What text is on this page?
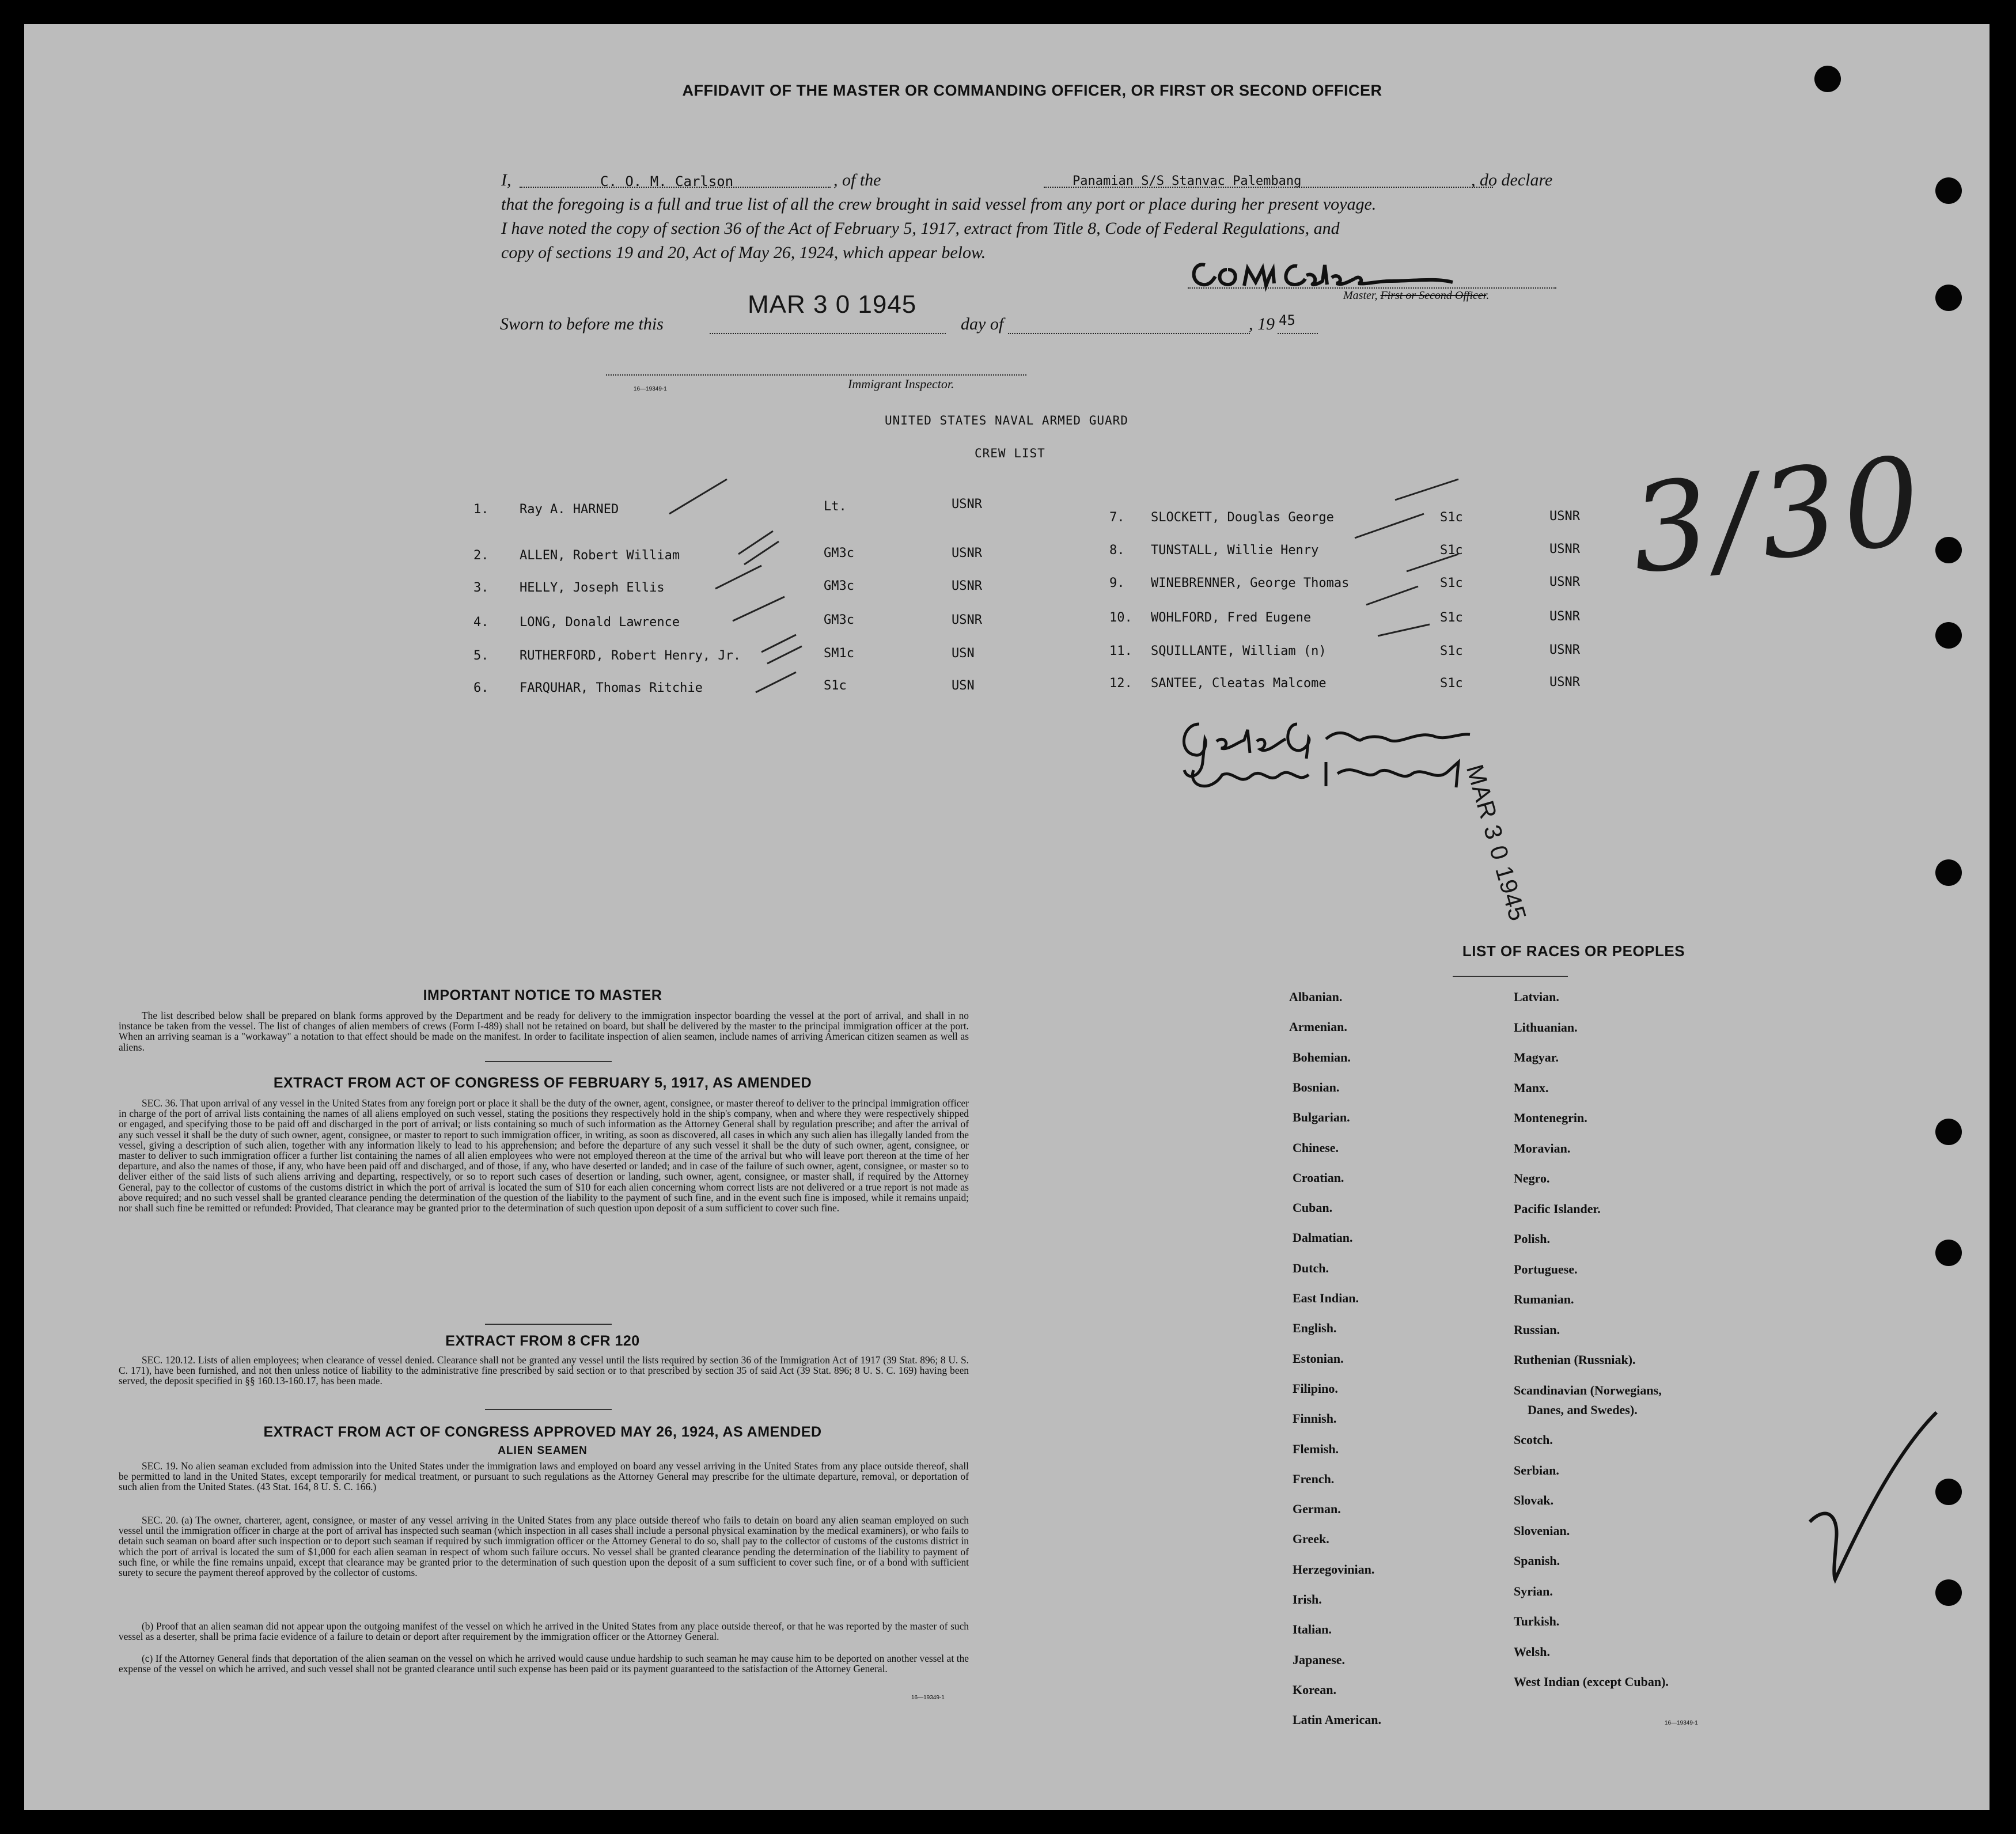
AFFIDAVIT OF THE MASTER OR COMMANDING OFFICER, OR FIRST OR SECOND OFFICER
I,	C. O. M. Carlson	, of the	Panamian S/S Stanvac Palembang	, do declare
that the foregoing is a full and true list of all the crew brought in said vessel from any port or place during her present voyage.
I have noted the copy of section 36 of the Act of February 5, 1917, extract from Title 8, Code of Federal Regulations, and
copy of sections 19 and 20, Act of May 26, 1924, which appear below.
Master, First or Second Officer.
MAR 3 0 1945
Sworn to before me this	day of	, 19 45
Immigrant Inspector.
16—19349-1
UNITED STATES NAVAL ARMED GUARD
CREW LIST
1. Ray A. HARNED	Lt.	USNR
2. ALLEN, Robert William	GM3c	USNR
3. HELLY, Joseph Ellis	GM3c	USNR
4. LONG, Donald Lawrence	GM3c	USNR
5. RUTHERFORD, Robert Henry, Jr.	SM1c	USN
6. FARQUHAR, Thomas Ritchie	S1c	USN
7. SLOCKETT, Douglas George	S1c	USNR
8. TUNSTALL, Willie Henry	S1c	USNR
9. WINEBRENNER, George Thomas	S1c	USNR
10. WOHLFORD, Fred Eugene	S1c	USNR
11. SQUILLANTE, William (n)	S1c	USNR
12. SANTEE, Cleatas Malcome	S1c	USNR
3/30
MAR 3 0 1945
IMPORTANT NOTICE TO MASTER
The list described below shall be prepared on blank forms approved by the Department and be ready for delivery to the immigration inspector boarding the vessel at the port of arrival, and shall in no instance be taken from the vessel. The list of changes of alien members of crews (Form I-489) shall not be retained on board, but shall be delivered by the master to the principal immigration officer at the port. When an arriving seaman is a "workaway" a notation to that effect should be made on the manifest. In order to facilitate inspection of alien seamen, include names of arriving American citizen seamen as well as aliens.
EXTRACT FROM ACT OF CONGRESS OF FEBRUARY 5, 1917, AS AMENDED
SEC. 36. That upon arrival of any vessel in the United States from any foreign port or place it shall be the duty of the owner, agent, consignee, or master thereof to deliver to the principal immigration officer in charge of the port of arrival lists containing the names of all aliens employed on such vessel, stating the positions they respectively hold in the ship's company, when and where they were respectively shipped or engaged, and specifying those to be paid off and discharged in the port of arrival; or lists containing so much of such information as the Attorney General shall by regulation prescribe; and after the arrival of any such vessel it shall be the duty of such owner, agent, consignee, or master to report to such immigration officer, in writing, as soon as discovered, all cases in which any such alien has illegally landed from the vessel, giving a description of such alien, together with any information likely to lead to his apprehension; and before the departure of any such vessel it shall be the duty of such owner, agent, consignee, or master to deliver to such immigration officer a further list containing the names of all alien employees who were not employed thereon at the time of the arrival but who will leave port thereon at the time of her departure, and also the names of those, if any, who have been paid off and discharged, and of those, if any, who have deserted or landed; and in case of the failure of such owner, agent, consignee, or master so to deliver either of the said lists of such aliens arriving and departing, respectively, or so to report such cases of desertion or landing, such owner, agent, consignee, or master shall, if required by the Attorney General, pay to the collector of customs of the customs district in which the port of arrival is located the sum of $10 for each alien concerning whom correct lists are not delivered or a true report is not made as above required; and no such vessel shall be granted clearance pending the determination of the question of the liability to the payment of such fine, and in the event such fine is imposed, while it remains unpaid; nor shall such fine be remitted or refunded: Provided, That clearance may be granted prior to the determination of such question upon deposit of a sum sufficient to cover such fine.
EXTRACT FROM 8 CFR 120
SEC. 120.12. Lists of alien employees; when clearance of vessel denied. Clearance shall not be granted any vessel until the lists required by section 36 of the Immigration Act of 1917 (39 Stat. 896; 8 U. S. C. 171), have been furnished, and not then unless notice of liability to the administrative fine prescribed by said section or to that prescribed by section 35 of said Act (39 Stat. 896; 8 U. S. C. 169) having been served, the deposit specified in §§ 160.13-160.17, has been made.
EXTRACT FROM ACT OF CONGRESS APPROVED MAY 26, 1924, AS AMENDED
ALIEN SEAMEN
SEC. 19. No alien seaman excluded from admission into the United States under the immigration laws and employed on board any vessel arriving in the United States from any place outside thereof, shall be permitted to land in the United States, except temporarily for medical treatment, or pursuant to such regulations as the Attorney General may prescribe for the ultimate departure, removal, or deportation of such alien from the United States. (43 Stat. 164, 8 U. S. C. 166.)
SEC. 20. (a) The owner, charterer, agent, consignee, or master of any vessel arriving in the United States from any place outside thereof who fails to detain on board any alien seaman employed on such vessel until the immigration officer in charge at the port of arrival has inspected such seaman (which inspection in all cases shall include a personal physical examination by the medical examiners), or who fails to detain such seaman on board after such inspection or to deport such seaman if required by such immigration officer or the Attorney General to do so, shall pay to the collector of customs of the customs district in which the port of arrival is located the sum of $1,000 for each alien seaman in respect of whom such failure occurs. No vessel shall be granted clearance pending the determination of the liability to payment of such fine, or while the fine remains unpaid, except that clearance may be granted prior to the determination of such question upon the deposit of a sum sufficient to cover such fine, or of a bond with sufficient surety to secure the payment thereof approved by the collector of customs.
(b) Proof that an alien seaman did not appear upon the outgoing manifest of the vessel on which he arrived in the United States from any place outside thereof, or that he was reported by the master of such vessel as a deserter, shall be prima facie evidence of a failure to detain or deport after requirement by the immigration officer or the Attorney General.
(c) If the Attorney General finds that deportation of the alien seaman on the vessel on which he arrived would cause undue hardship to such seaman he may cause him to be deported on another vessel at the expense of the vessel on which he arrived, and such vessel shall not be granted clearance until such expense has been paid or its payment guaranteed to the satisfaction of the Attorney General.
16—19349-1
LIST OF RACES OR PEOPLES
16—19349-1
Albanian.
Armenian.
Bohemian.
Bosnian.
Bulgarian.
Chinese.
Croatian.
Cuban.
Dalmatian.
Dutch.
East Indian.
English.
Estonian.
Filipino.
Finnish.
Flemish.
French.
German.
Greek.
Herzegovinian.
Irish.
Italian.
Japanese.
Korean.
Latin American.
Latvian.
Lithuanian.
Magyar.
Manx.
Montenegrin.
Moravian.
Negro.
Pacific Islander.
Polish.
Portuguese.
Rumanian.
Russian.
Ruthenian (Russniak).
Scandinavian (Norwegians,
Danes, and Swedes).
Scotch.
Serbian.
Slovak.
Slovenian.
Spanish.
Syrian.
Turkish.
Welsh.
West Indian (except Cuban).
